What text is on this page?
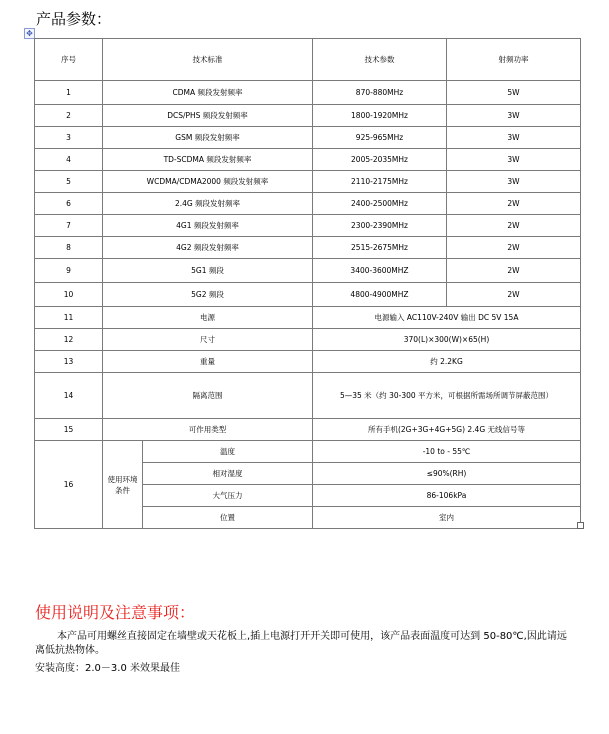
产品参数：
✥
序号	技术标准		技术参数	射频功率
1	CDMA 频段发射频率		870-880MHz	5W
2	DCS/PHS 频段发射频率		1800-1920MHz	3W
3	GSM 频段发射频率		925-965MHz	3W
4	TD-SCDMA 频段发射频率		2005-2035MHz	3W
5	WCDMA/CDMA2000 频段发射频率		2110-2175MHz	3W
6	2.4G 频段发射频率		2400-2500MHz	2W
7	4G1 频段发射频率		2300-2390MHz	2W
8	4G2 频段发射频率		2515-2675MHz	2W
9	5G1 频段		3400-3600MHZ	2W
10	5G2 频段		4800-4900MHZ	2W
11	电源		电源输入 AC110V-240V 输出 DC 5V 15A	
12	尺寸		370(L)×300(W)×65(H)	
13	重量		约 2.2KG	
14	隔离范围		5—35 米（约 30-300 平方米，可根据所需场所调节屏蔽范围）	
15	可作用类型		所有手机(2G+3G+4G+5G) 2.4G 无线信号等	
16	使用环境条件	温度	-10 to - 55℃	
		相对湿度	≤90%(RH)	
		大气压力	86-106kPa	
		位置	室内	
使用说明及注意事项：
本产品可用螺丝直接固定在墙壁或天花板上,插上电源打开开关即可使用，该产品表面温度可达到 50-80℃,因此请远离低抗热物体。
安装高度：2.0－3.0 米效果最佳
